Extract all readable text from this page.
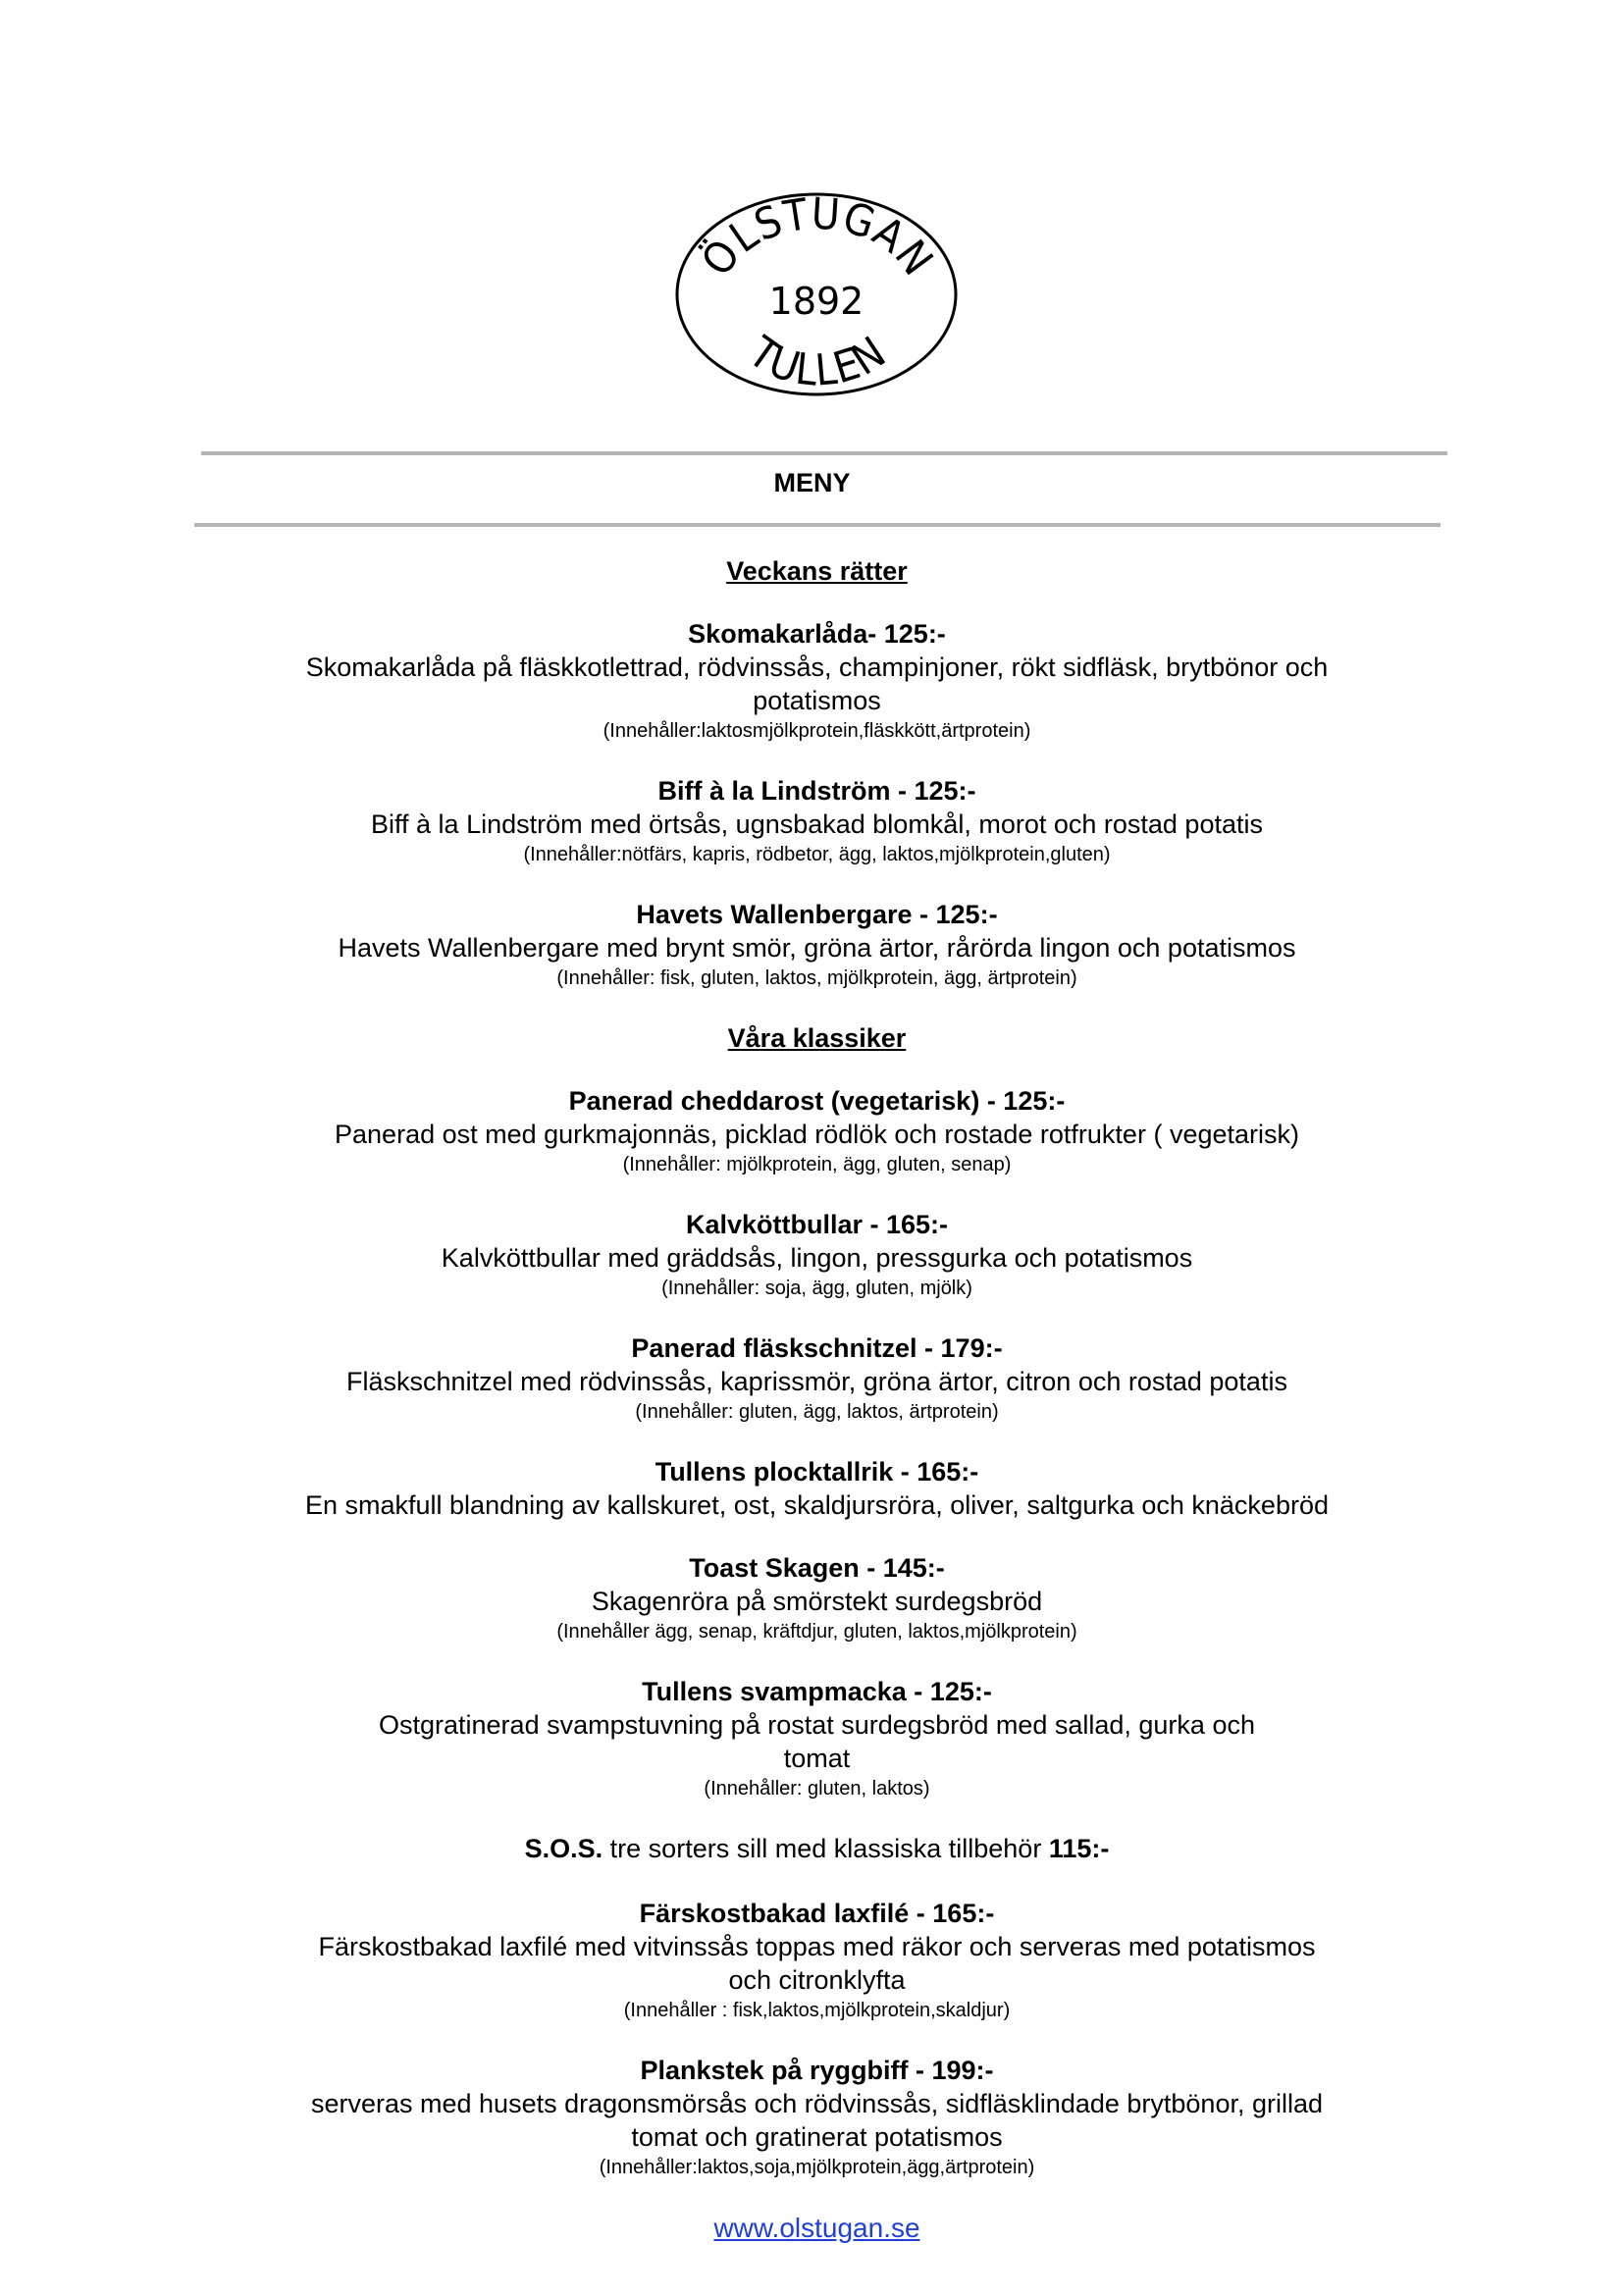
ÖLSTUGAN
1892
TULLEN
MENY
Veckans rätter
Skomakarlåda- 125:-
Skomakarlåda på fläskkotlettrad, rödvinssås, champinjoner, rökt sidfläsk, brytbönor och
potatismos
(Innehåller:laktosmjölkprotein,fläskkött,ärtprotein)
Biff à la Lindström - 125:-
Biff à la Lindström med örtsås, ugnsbakad blomkål, morot och rostad potatis
(Innehåller:nötfärs, kapris, rödbetor, ägg, laktos,mjölkprotein,gluten)
Havets Wallenbergare - 125:-
Havets Wallenbergare med brynt smör, gröna ärtor, rårörda lingon och potatismos
(Innehåller: fisk, gluten, laktos, mjölkprotein, ägg, ärtprotein)
Våra klassiker
Panerad cheddarost (vegetarisk) - 125:-
Panerad ost med gurkmajonnäs, picklad rödlök och rostade rotfrukter ( vegetarisk)
(Innehåller: mjölkprotein, ägg, gluten, senap)
Kalvköttbullar - 165:-
Kalvköttbullar med gräddsås, lingon, pressgurka och potatismos
(Innehåller: soja, ägg, gluten, mjölk)
Panerad fläskschnitzel - 179:-
Fläskschnitzel med rödvinssås, kaprissmör, gröna ärtor, citron och rostad potatis
(Innehåller: gluten, ägg, laktos, ärtprotein)
Tullens plocktallrik - 165:-
En smakfull blandning av kallskuret, ost, skaldjursröra, oliver, saltgurka och knäckebröd
Toast Skagen - 145:-
Skagenröra på smörstekt surdegsbröd
(Innehåller ägg, senap, kräftdjur, gluten, laktos,mjölkprotein)
Tullens svampmacka - 125:-
Ostgratinerad svampstuvning på rostat surdegsbröd med sallad, gurka och
tomat
(Innehåller: gluten, laktos)
S.O.S. tre sorters sill med klassiska tillbehör 115:-
Färskostbakad laxfilé - 165:-
Färskostbakad laxfilé med vitvinssås toppas med räkor och serveras med potatismos
och citronklyfta
(Innehåller : fisk,laktos,mjölkprotein,skaldjur)
Plankstek på ryggbiff - 199:-
serveras med husets dragonsmörsås och rödvinssås, sidfläsklindade brytbönor, grillad
tomat och gratinerat potatismos
(Innehåller:laktos,soja,mjölkprotein,ägg,ärtprotein)
www.olstugan.se
